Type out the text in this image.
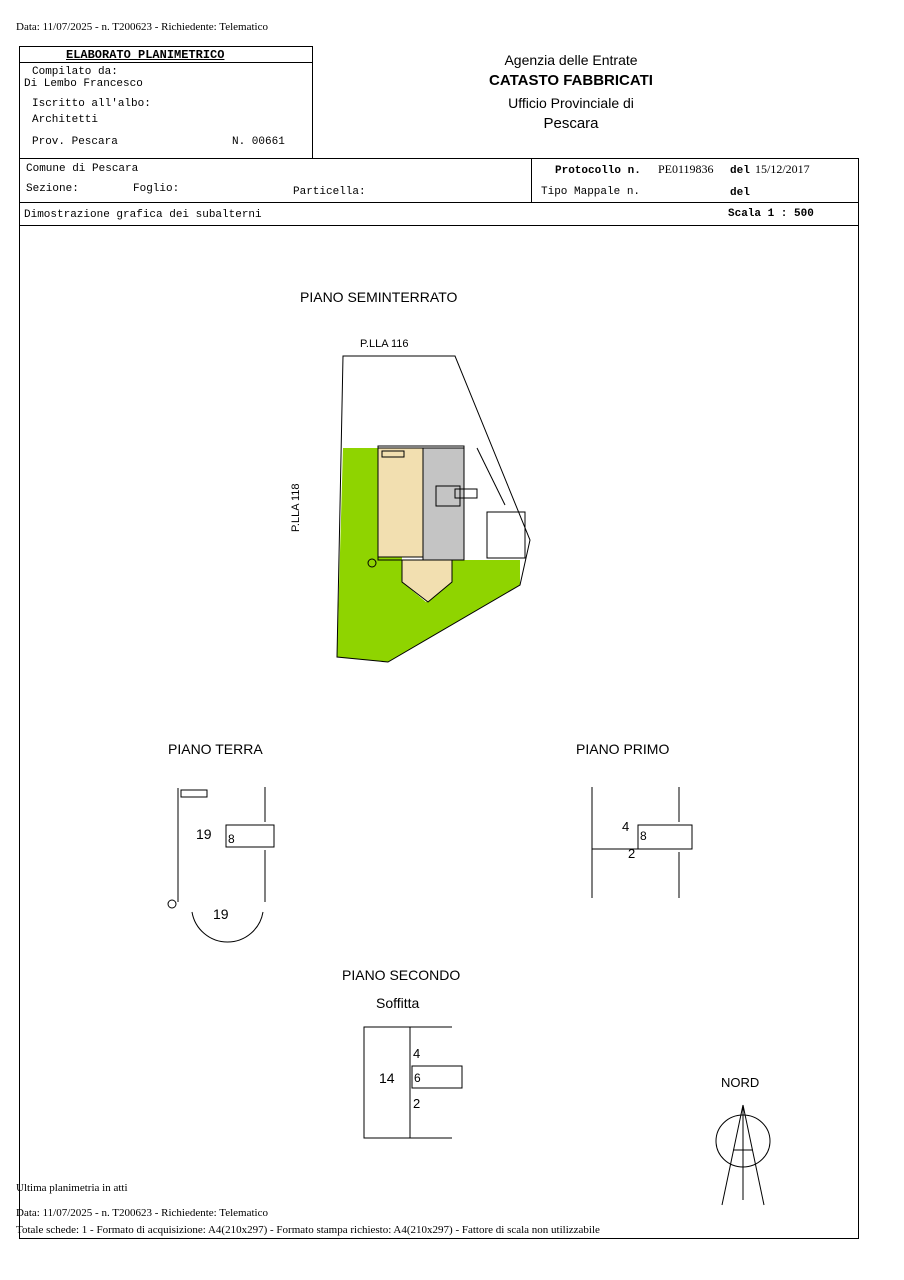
Data: 11/07/2025 - n. T200623 - Richiedente: Telematico
ELABORATO PLANIMETRICO
Compilato da:
Di Lembo Francesco
Iscritto all'albo:
Architetti
Prov. Pescara	N. 00661
Agenzia delle Entrate
CATASTO FABBRICATI
Ufficio Provinciale di
Pescara
Comune di Pescara
Sezione:	Foglio:	Particella:
Protocollo n. PE0119836 del 15/12/2017
Tipo Mappale n.	del
Dimostrazione grafica dei subalterni	Scala 1 : 500
PIANO SEMINTERRATO
P.LLA 116
P.LLA 118
PIANO TERRA
19 8
19
PIANO PRIMO
4
8
2
PIANO SECONDO
Soffitta
4
14 6
2
NORD
Ultima planimetria in atti
Data: 11/07/2025 - n. T200623 - Richiedente: Telematico
Totale schede: 1 - Formato di acquisizione: A4(210x297) - Formato stampa richiesto: A4(210x297) - Fattore di scala non utilizzabile
